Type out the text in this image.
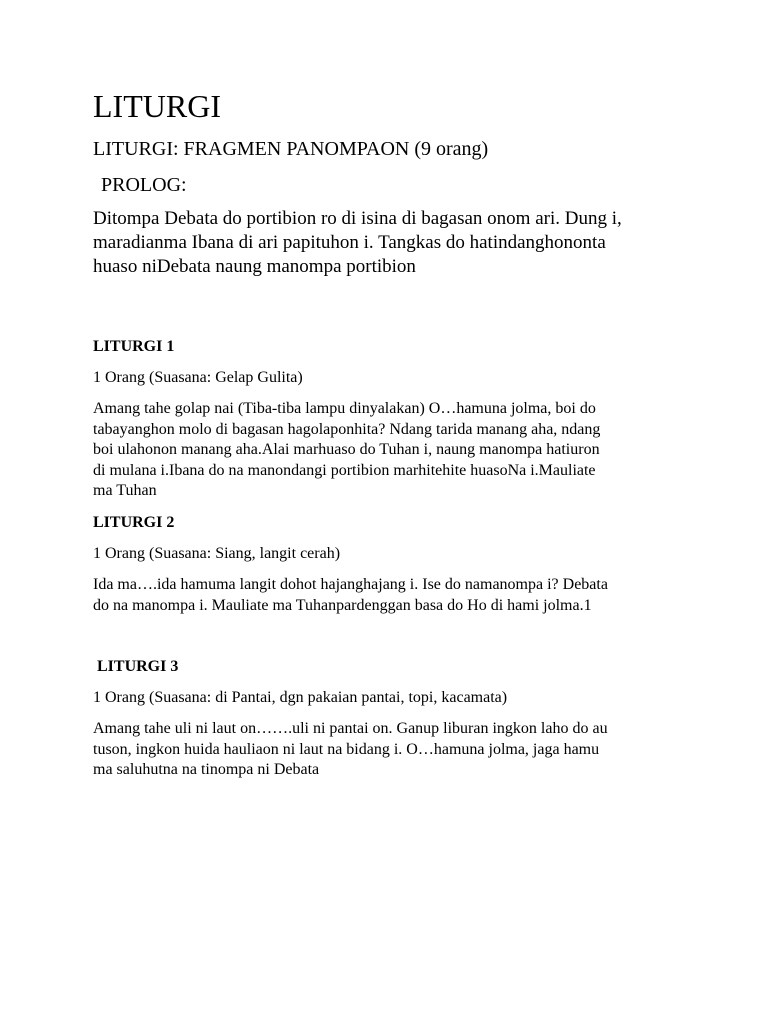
LITURGI
LITURGI: FRAGMEN PANOMPAON (9 orang)
PROLOG:
Ditompa Debata do portibion ro di isina di bagasan onom ari. Dung i,
maradianma Ibana di ari papituhon i. Tangkas do hatindanghononta
huaso niDebata naung manompa portibion
LITURGI 1
1 Orang (Suasana: Gelap Gulita)
Amang tahe golap nai (Tiba-tiba lampu dinyalakan) O…hamuna jolma, boi do
tabayanghon molo di bagasan hagolaponhita? Ndang tarida manang aha, ndang
boi ulahonon manang aha.Alai marhuaso do Tuhan i, naung manompa hatiuron
di mulana i.Ibana do na manondangi portibion marhitehite huasoNa i.Mauliate
ma Tuhan
LITURGI 2
1 Orang (Suasana: Siang, langit cerah)
Ida ma….ida hamuma langit dohot hajanghajang i. Ise do namanompa i? Debata
do na manompa i. Mauliate ma Tuhanpardenggan basa do Ho di hami jolma.1
LITURGI 3
1 Orang (Suasana: di Pantai, dgn pakaian pantai, topi, kacamata)
Amang tahe uli ni laut on…….uli ni pantai on. Ganup liburan ingkon laho do au
tuson, ingkon huida hauliaon ni laut na bidang i. O…hamuna jolma, jaga hamu
ma saluhutna na tinompa ni Debata
